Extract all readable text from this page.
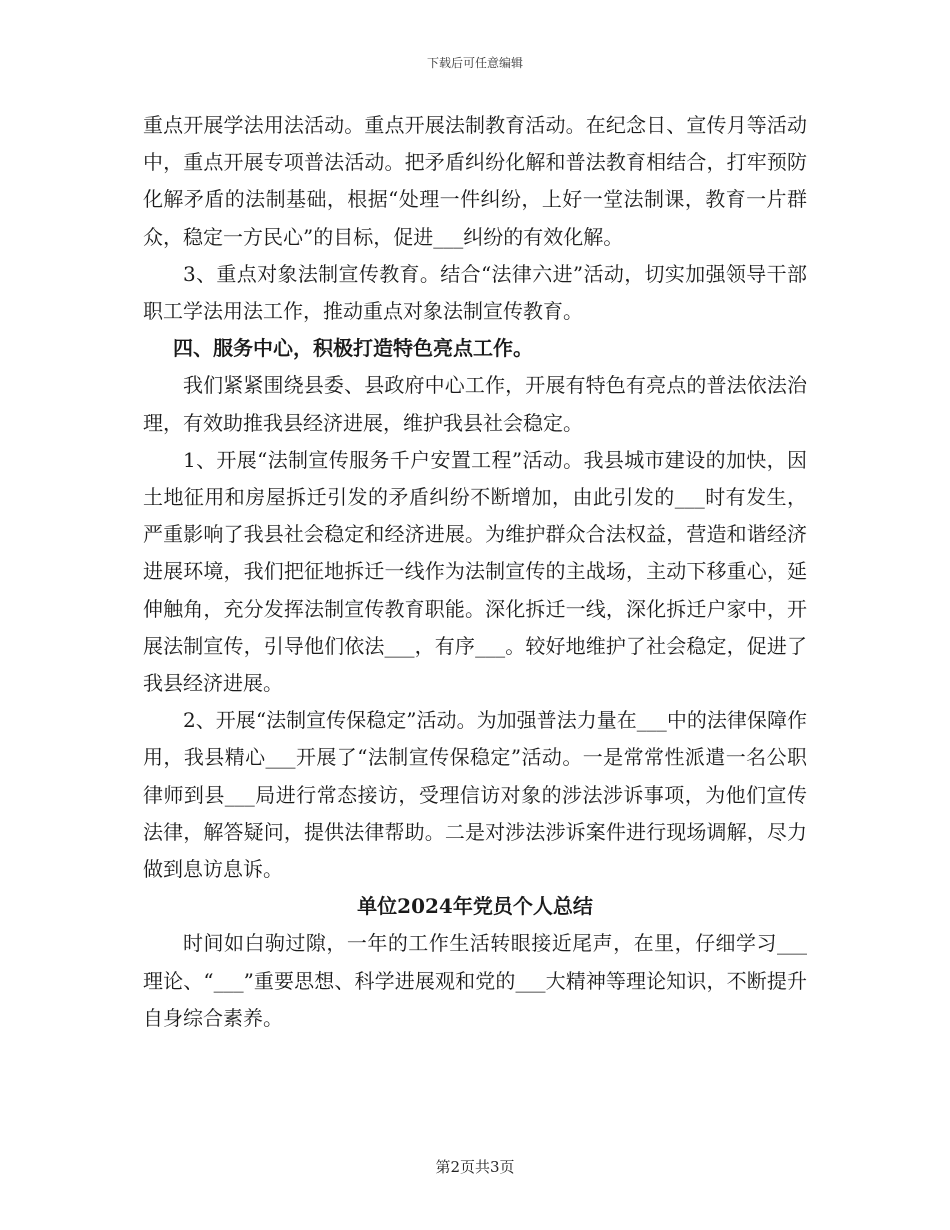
下载后可任意编辑

重点开展学法用法活动。重点开展法制教育活动。在纪念日、宣传月等活动中，重点开展专项普法活动。把矛盾纠纷化解和普法教育相结合，打牢预防化解矛盾的法制基础，根据“处理一件纠纷，上好一堂法制课，教育一片群众，稳定一方民心”的目标，促进___纠纷的有效化解。

3、重点对象法制宣传教育。结合“法律六进”活动，切实加强领导干部职工学法用法工作，推动重点对象法制宣传教育。

四、服务中心，积极打造特色亮点工作。

我们紧紧围绕县委、县政府中心工作，开展有特色有亮点的普法依法治理，有效助推我县经济进展，维护我县社会稳定。

1、开展“法制宣传服务千户安置工程”活动。我县城市建设的加快，因土地征用和房屋拆迁引发的矛盾纠纷不断增加，由此引发的___时有发生，严重影响了我县社会稳定和经济进展。为维护群众合法权益，营造和谐经济进展环境，我们把征地拆迁一线作为法制宣传的主战场，主动下移重心，延伸触角，充分发挥法制宣传教育职能。深化拆迁一线，深化拆迁户家中，开展法制宣传，引导他们依法___，有序___。较好地维护了社会稳定，促进了我县经济进展。

2、开展“法制宣传保稳定”活动。为加强普法力量在___中的法律保障作用，我县精心___开展了“法制宣传保稳定”活动。一是常常性派遣一名公职律师到县___局进行常态接访，受理信访对象的涉法涉诉事项，为他们宣传法律，解答疑问，提供法律帮助。二是对涉法涉诉案件进行现场调解，尽力做到息访息诉。

单位2024年党员个人总结

时间如白驹过隙，一年的工作生活转眼接近尾声，在里，仔细学习___理论、“___”重要思想、科学进展观和党的___大精神等理论知识，不断提升自身综合素养。

第2页共3页
